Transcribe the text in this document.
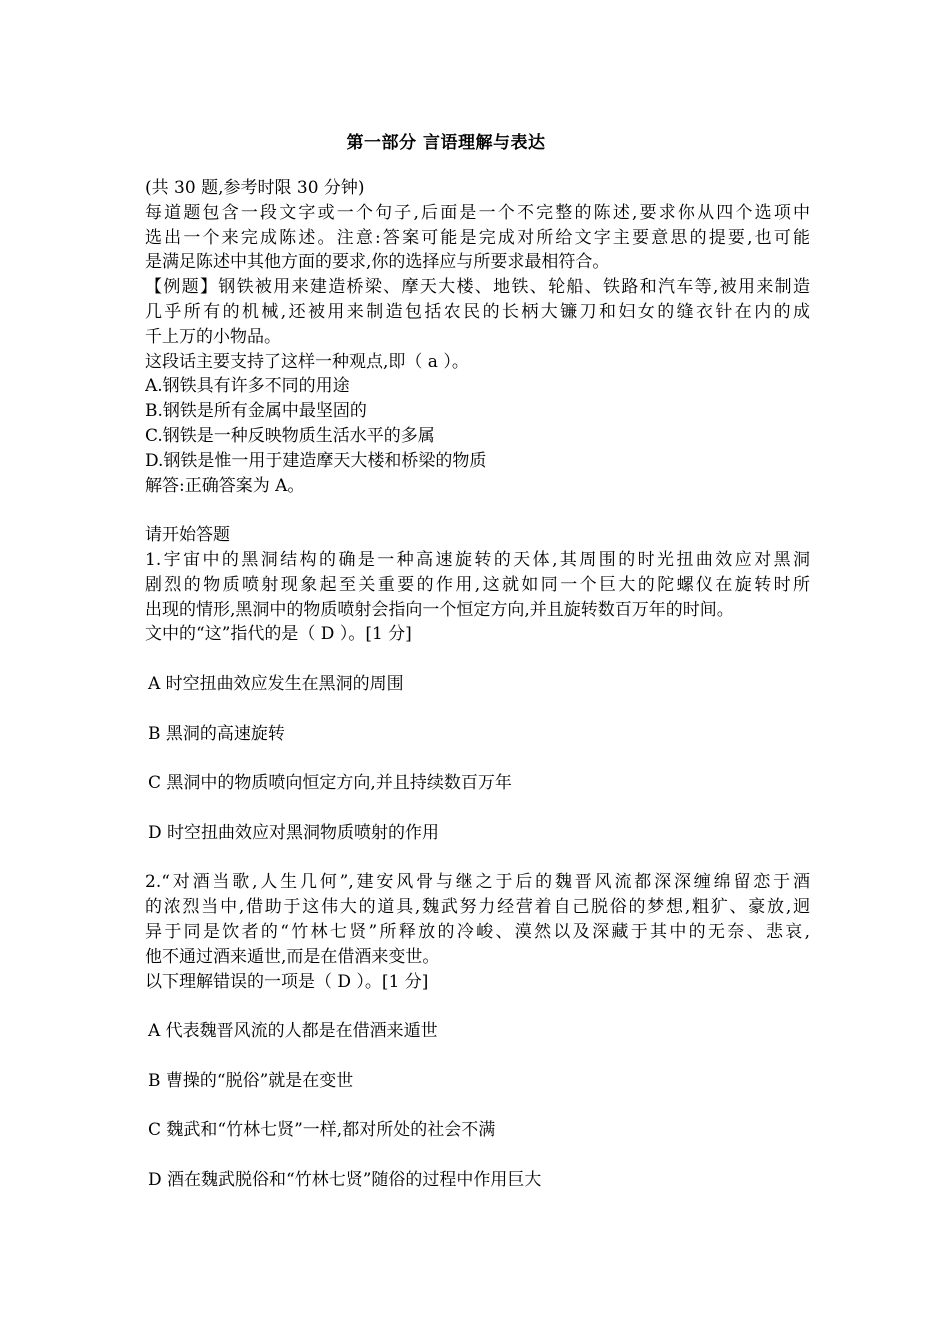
第一部分 言语理解与表达
(共 30 题,参考时限 30 分钟)
每道题包含一段文字或一个句子,后面是一个不完整的陈述,要求你从四个选项中
选出一个来完成陈述。注意:答案可能是完成对所给文字主要意思的提要,也可能
是满足陈述中其他方面的要求,你的选择应与所要求最相符合。
【例题】钢铁被用来建造桥梁、摩天大楼、地铁、轮船、铁路和汽车等,被用来制造
几乎所有的机械,还被用来制造包括农民的长柄大镰刀和妇女的缝衣针在内的成
千上万的小物品。
这段话主要支持了这样一种观点,即（ a ）。
A.钢铁具有许多不同的用途
B.钢铁是所有金属中最坚固的
C.钢铁是一种反映物质生活水平的多属
D.钢铁是惟一用于建造摩天大楼和桥梁的物质
解答:正确答案为 A。
请开始答题
1.宇宙中的黑洞结构的确是一种高速旋转的天体,其周围的时光扭曲效应对黑洞
剧烈的物质喷射现象起至关重要的作用,这就如同一个巨大的陀螺仪在旋转时所
出现的情形,黑洞中的物质喷射会指向一个恒定方向,并且旋转数百万年的时间。
文中的“这”指代的是（ D ）。[1 分]
A 时空扭曲效应发生在黑洞的周围
B 黑洞的高速旋转
C 黑洞中的物质喷向恒定方向,并且持续数百万年
D 时空扭曲效应对黑洞物质喷射的作用
2.“对酒当歌,人生几何”,建安风骨与继之于后的魏晋风流都深深缠绵留恋于酒
的浓烈当中,借助于这伟大的道具,魏武努力经营着自己脱俗的梦想,粗犷、豪放,迥
异于同是饮者的“竹林七贤”所释放的冷峻、漠然以及深藏于其中的无奈、悲哀,
他不通过酒来遁世,而是在借酒来变世。
以下理解错误的一项是（ D ）。[1 分]
A 代表魏晋风流的人都是在借酒来遁世
B 曹操的“脱俗”就是在变世
C 魏武和“竹林七贤”一样,都对所处的社会不满
D 酒在魏武脱俗和“竹林七贤”随俗的过程中作用巨大
